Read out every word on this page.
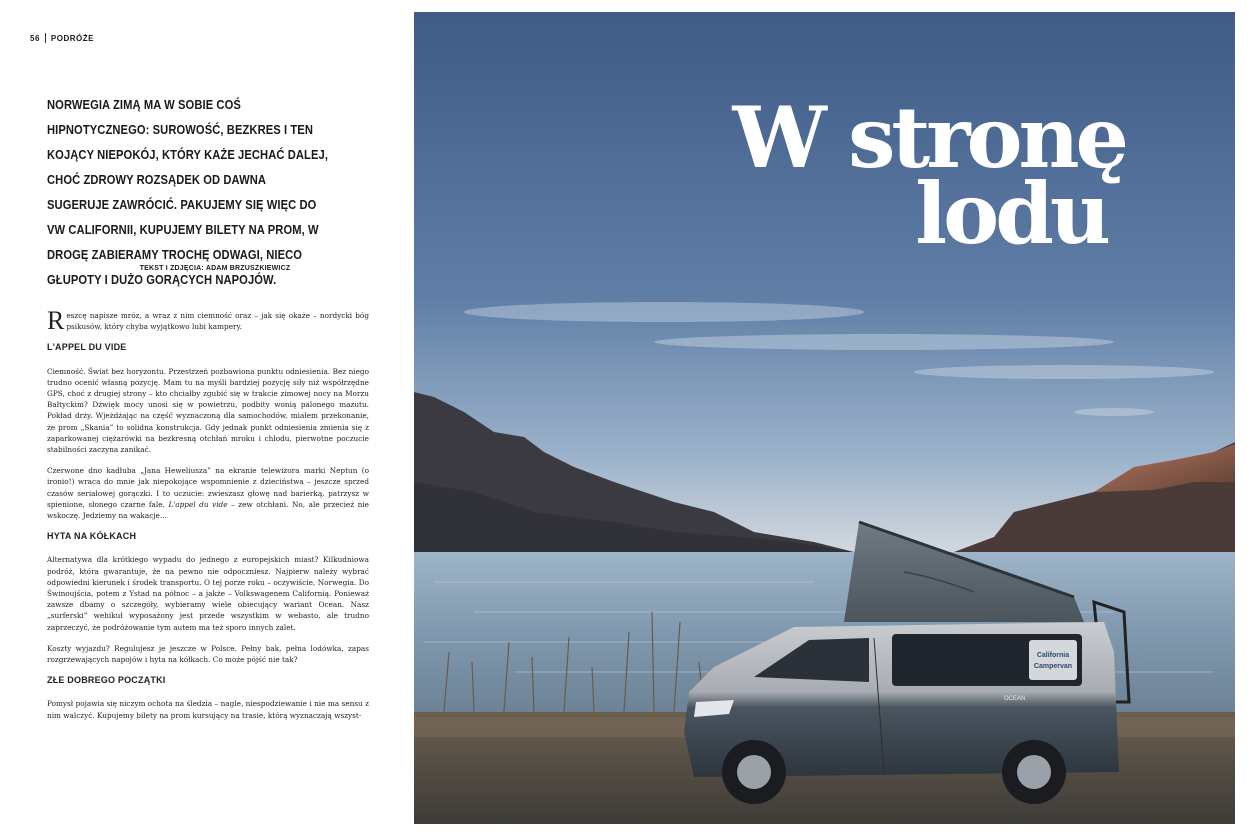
56 PODRÓŻE
NORWEGIA ZIMĄ MA W SOBIE COŚ HIPNOTYCZNEGO: SUROWOŚĆ, BEZKRES I TEN KOJĄCY NIEPOKÓJ, KTÓRY KAŻE JECHAĆ DALEJ, CHOĆ ZDROWY ROZSĄDEK OD DAWNA SUGERUJE ZAWRÓCIĆ. PAKUJEMY SIĘ WIĘC DO VW CALIFORNII, KUPUJEMY BILETY NA PROM, W DROGĘ ZABIERAMY TROCHĘ ODWAGI, NIECO GŁUPOTY I DUŻO GORĄCYCH NAPOJÓW.
TEKST I ZDJĘCIA: ADAM BRZUSZKIEWICZ

Reszcę napisze mróz, a wraz z nim ciemność oraz – jak się okaże – nordycki bóg psikusów, który chyba wyjątkowo lubi kampery.

L'APPEL DU VIDE

Ciemność. Świat bez horyzontu. Przestrzeń pozbawiona punktu odniesienia. Bez niego trudno ocenić własną pozycję. Mam tu na myśli bardziej pozycję siły niż współrzędne GPS, choć z drugiej strony – kto chciałby zgubić się w trakcie zimowej nocy na Morzu Bałtyckim? Dźwięk mocy unosi się w powietrzu, podbity wonią palonego mazutu. Pokład drży. Wjeżdżając na część wyznaczoną dla samochodów, miałem przekonanie, że prom „Skania” to solidna konstrukcja. Gdy jednak punkt odniesienia zmienia się z zaparkowanej ciężarówki na bezkresną otchłań mroku i chłodu, pierwotne poczucie stabilności zaczyna zanikać.

Czerwone dno kadłuba „Jana Heweliusza” na ekranie telewizora marki Neptun (o ironio!) wraca do mnie jak niepokojące wspomnienie z dzieciństwa – jeszcze sprzed czasów serialowej gorączki. I to uczucie: zwieszasz głowę nad barierką, patrzysz w spienione, słonego czarne fale. L'appel du vide – zew otchłani. No, ale przecież nie wskoczę. Jedziemy na wakacje…

HYTA NA KÓŁKACH

Alternatywa dla krótkiego wypadu do jednego z europejskich miast? Kilkudniowa podróż, która gwarantuje, że na pewno nie odpoczniesz. Najpierw należy wybrać odpowiedni kierunek i środek transportu. O tej porze roku – oczywiście, Norwegia. Do Świnoujścia, potem z Ystad na północ – a jakże – Volkswagenem Californią. Ponieważ zawsze dbamy o szczegóły, wybieramy wiele obiecujący wariant Ocean. Nasz „surferski” wehikuł wyposażony jest przede wszystkim w webasto, ale trudno zaprzeczyć, że podróżowanie tym autem ma też sporo innych zalet.

Koszty wyjazdu? Regulujesz je jeszcze w Polsce. Pełny bak, pełna lodówka, zapas rozgrzewających napojów i hyta na kółkach. Co może pójść nie tak?

ZŁE DOBREGO POCZĄTKI

Pomysł pojawia się niczym ochota na śledzia – nagle, niespodziewanie i nie ma sensu z nim walczyć. Kupujemy bilety na prom kursujący na trasie, którą wyznaczają wszyst-

California
Campervan
OCEAN
W stronę
lodu
